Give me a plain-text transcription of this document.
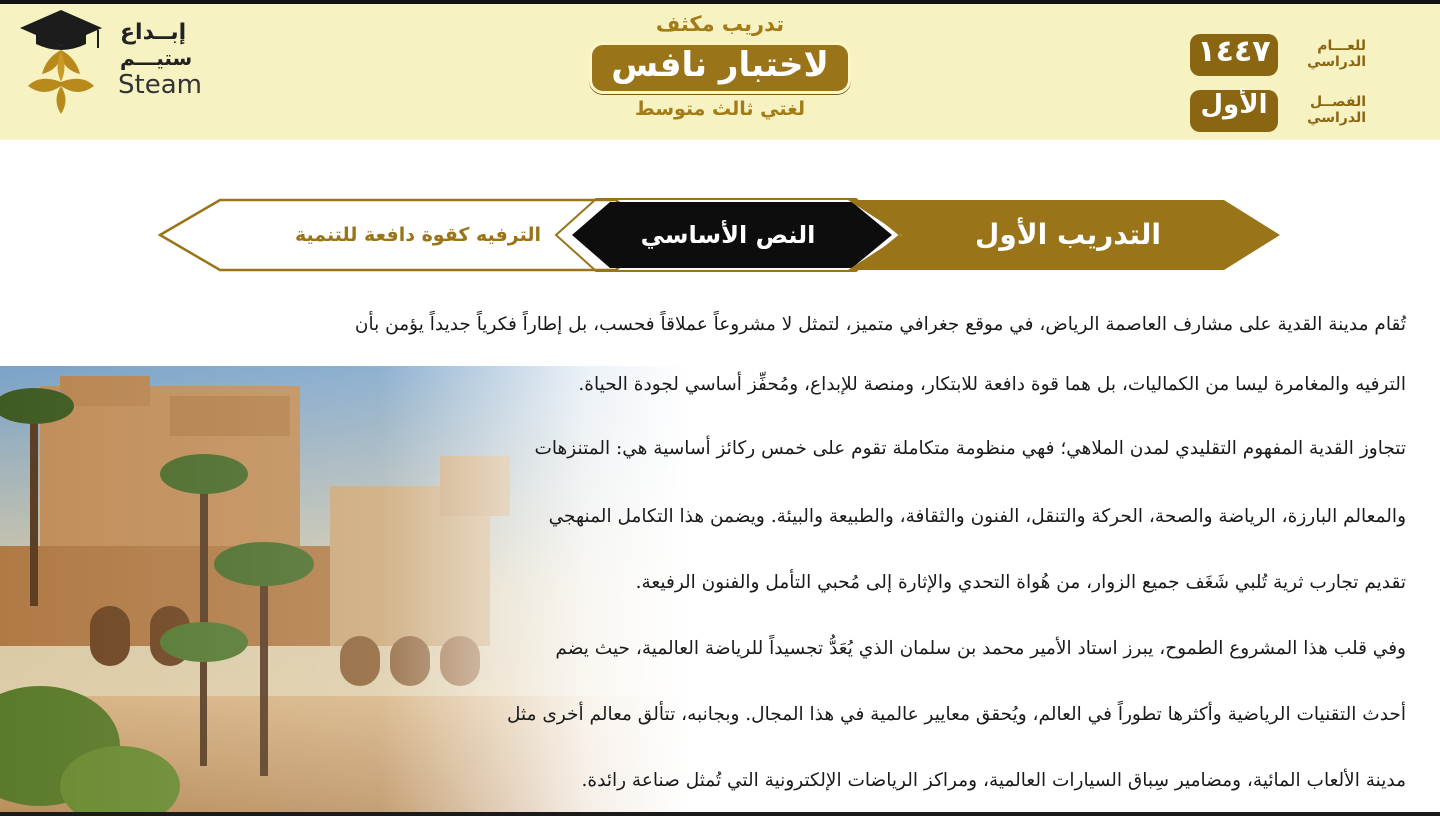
إبــداع
ستيـــم
Steam
تدريب مكثف
لاختبار نافس
لغتي ثالث متوسط
١٤٤٧	للعـــام الدراسي
الأول	الفصــل الدراسي
الترفيه كقوة دافعة للتنمية	النص الأساسي	التدريب الأول

تُقام مدينة القدية على مشارف العاصمة الرياض، في موقع جغرافي متميز، لتمثل لا مشروعاً عملاقاً فحسب، بل إطاراً فكرياً جديداً يؤمن بأن

الترفيه والمغامرة ليسا من الكماليات، بل هما قوة دافعة للابتكار، ومنصة للإبداع، ومُحفِّز أساسي لجودة الحياة.

تتجاوز القدية المفهوم التقليدي لمدن الملاهي؛ فهي منظومة متكاملة تقوم على خمس ركائز أساسية هي: المتنزهات

والمعالم البارزة، الرياضة والصحة، الحركة والتنقل، الفنون والثقافة، والطبيعة والبيئة. ويضمن هذا التكامل المنهجي

تقديم تجارب ثرية تُلبي شَغَف جميع الزوار، من هُواة التحدي والإثارة إلى مُحبي التأمل والفنون الرفيعة.

وفي قلب هذا المشروع الطموح، يبرز استاد الأمير محمد بن سلمان الذي يُعَدُّ تجسيداً للرياضة العالمية، حيث يضم

أحدث التقنيات الرياضية وأكثرها تطوراً في العالم، ويُحقق معايير عالمية في هذا المجال. وبجانبه، تتألق معالم أخرى مثل

مدينة الألعاب المائية، ومضامير سِباق السيارات العالمية، ومراكز الرياضات الإلكترونية التي تُمثل صناعة رائدة.
